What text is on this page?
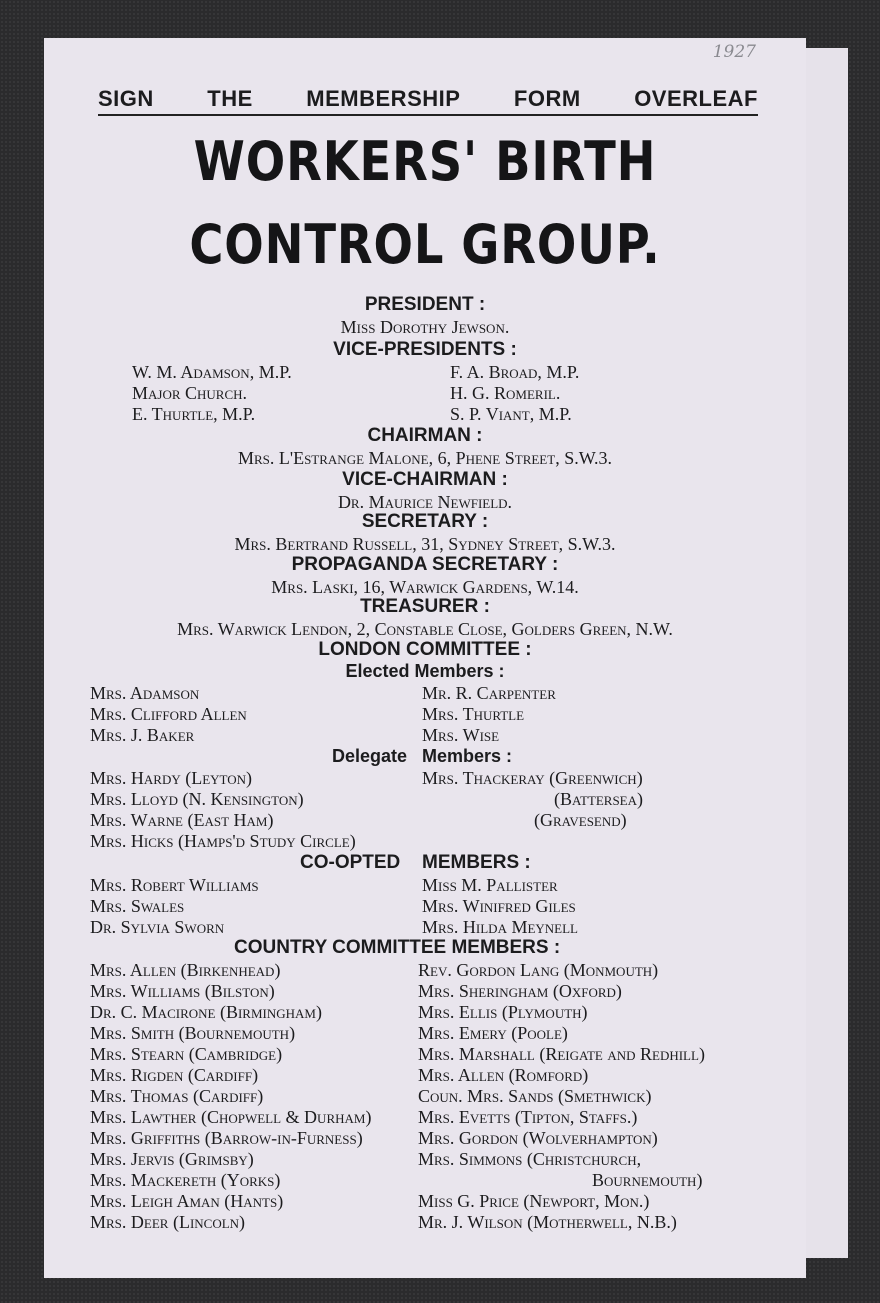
1927
SIGN THE MEMBERSHIP FORM OVERLEAF
WORKERS' BIRTH
CONTROL GROUP.
PRESIDENT :
Miss Dorothy Jewson.
VICE-PRESIDENTS :
W. M. Adamson, M.P.
Major Church.
E. Thurtle, M.P.
F. A. Broad, M.P.
H. G. Romeril.
S. P. Viant, M.P.
CHAIRMAN :
Mrs. L'Estrange Malone, 6, Phene Street, S.W.3.
VICE-CHAIRMAN :
Dr. Maurice Newfield.
SECRETARY :
Mrs. Bertrand Russell, 31, Sydney Street, S.W.3.
PROPAGANDA SECRETARY :
Mrs. Laski, 16, Warwick Gardens, W.14.
TREASURER :
Mrs. Warwick Lendon, 2, Constable Close, Golders Green, N.W.
LONDON COMMITTEE :
Elected Members :
Mrs. Adamson
Mrs. Clifford Allen
Mrs. J. Baker
Mr. R. Carpenter
Mrs. Thurtle
Mrs. Wise
Delegate Members :
Mrs. Hardy (Leyton)
Mrs. Lloyd (N. Kensington)
Mrs. Warne (East Ham)
Mrs. Hicks (Hamps'd Study Circle)
Mrs. Thackeray (Greenwich)
(Battersea)
(Gravesend)
CO-OPTED MEMBERS :
Mrs. Robert Williams
Mrs. Swales
Dr. Sylvia Sworn
Miss M. Pallister
Mrs. Winifred Giles
Mrs. Hilda Meynell
COUNTRY COMMITTEE MEMBERS :
Mrs. Allen (Birkenhead)
Mrs. Williams (Bilston)
Dr. C. Macirone (Birmingham)
Mrs. Smith (Bournemouth)
Mrs. Stearn (Cambridge)
Mrs. Rigden (Cardiff)
Mrs. Thomas (Cardiff)
Mrs. Lawther (Chopwell & Durham)
Mrs. Griffiths (Barrow-in-Furness)
Mrs. Jervis (Grimsby)
Mrs. Mackereth (Yorks)
Mrs. Leigh Aman (Hants)
Mrs. Deer (Lincoln)
Rev. Gordon Lang (Monmouth)
Mrs. Sheringham (Oxford)
Mrs. Ellis (Plymouth)
Mrs. Emery (Poole)
Mrs. Marshall (Reigate and Redhill)
Mrs. Allen (Romford)
Coun. Mrs. Sands (Smethwick)
Mrs. Evetts (Tipton, Staffs.)
Mrs. Gordon (Wolverhampton)
Mrs. Simmons (Christchurch,
Bournemouth)
Miss G. Price (Newport, Mon.)
Mr. J. Wilson (Motherwell, N.B.)
